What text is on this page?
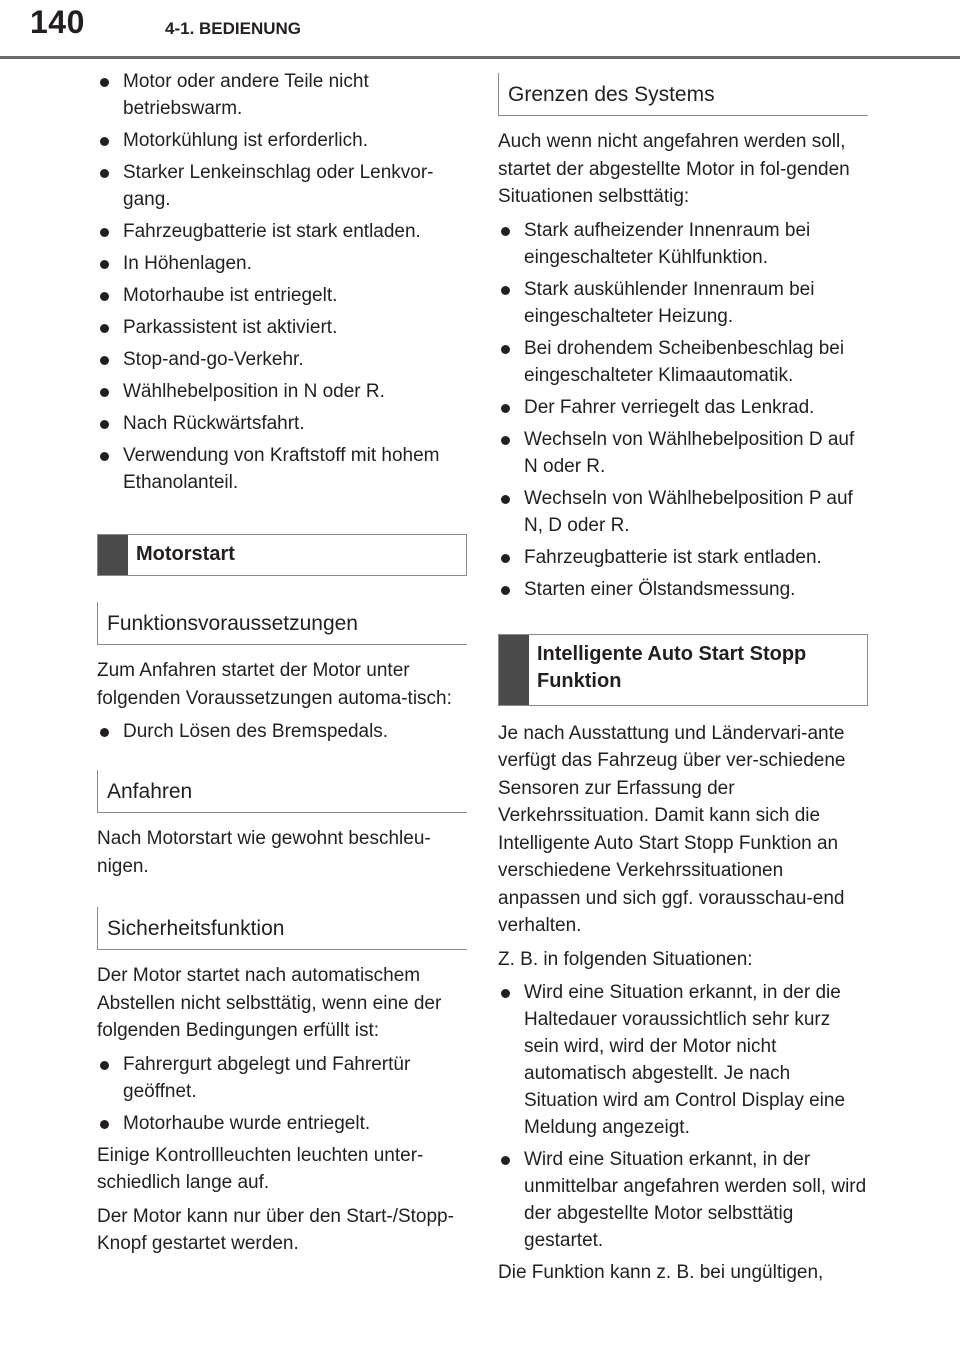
140	4-1. BEDIENUNG
Motor oder andere Teile nicht betriebswarm.
Motorkühlung ist erforderlich.
Starker Lenkeinschlag oder Lenkvor-gang.
Fahrzeugbatterie ist stark entladen.
In Höhenlagen.
Motorhaube ist entriegelt.
Parkassistent ist aktiviert.
Stop-and-go-Verkehr.
Wählhebelposition in N oder R.
Nach Rückwärtsfahrt.
Verwendung von Kraftstoff mit hohem Ethanolanteil.
Motorstart
Funktionsvoraussetzungen

Zum Anfahren startet der Motor unter folgenden Voraussetzungen automa-tisch:

Durch Lösen des Bremspedals.
Anfahren

Nach Motorstart wie gewohnt beschleu-nigen.

Sicherheitsfunktion

Der Motor startet nach automatischem Abstellen nicht selbsttätig, wenn eine der folgenden Bedingungen erfüllt ist:

Fahrergurt abgelegt und Fahrertür geöffnet.
Motorhaube wurde entriegelt.

Einige Kontrollleuchten leuchten unter-schiedlich lange auf.

Der Motor kann nur über den Start-/Stopp-Knopf gestartet werden.

Grenzen des Systems

Auch wenn nicht angefahren werden soll, startet der abgestellte Motor in fol-genden Situationen selbsttätig:

Stark aufheizender Innenraum bei eingeschalteter Kühlfunktion.
Stark auskühlender Innenraum bei eingeschalteter Heizung.
Bei drohendem Scheibenbeschlag bei eingeschalteter Klimaautomatik.
Der Fahrer verriegelt das Lenkrad.
Wechseln von Wählhebelposition D auf N oder R.
Wechseln von Wählhebelposition P auf N, D oder R.
Fahrzeugbatterie ist stark entladen.
Starten einer Ölstandsmessung.
Intelligente Auto Start Stopp Funktion

Je nach Ausstattung und Ländervari-ante verfügt das Fahrzeug über ver-schiedene Sensoren zur Erfassung der Verkehrssituation. Damit kann sich die Intelligente Auto Start Stopp Funktion an verschiedene Verkehrssituationen anpassen und sich ggf. vorausschau-end verhalten.

Z. B. in folgenden Situationen:

Wird eine Situation erkannt, in der die Haltedauer voraussichtlich sehr kurz sein wird, wird der Motor nicht automatisch abgestellt. Je nach Situation wird am Control Display eine Meldung angezeigt.
Wird eine Situation erkannt, in der unmittelbar angefahren werden soll, wird der abgestellte Motor selbsttätig gestartet.

Die Funktion kann z. B. bei ungültigen,
